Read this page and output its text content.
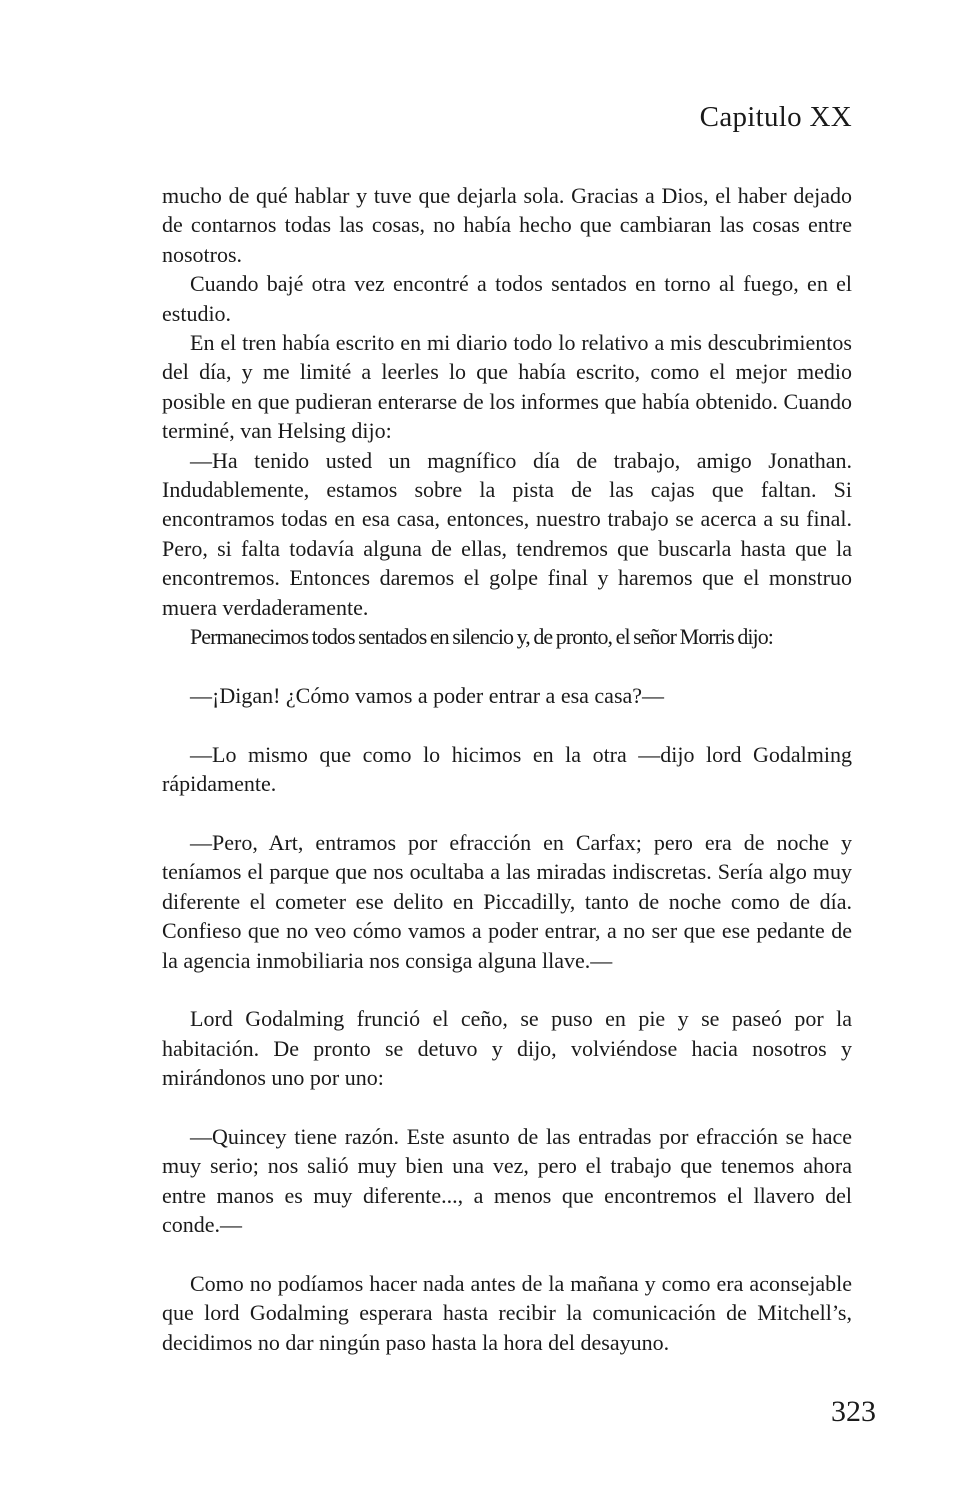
Capitulo XX

mucho de qué hablar y tuve que dejarla sola. Gracias a Dios, el haber dejado de contarnos todas las cosas, no había hecho que cambiaran las cosas entre nosotros.

Cuando bajé otra vez encontré a todos sentados en torno al fuego, en el estudio.

En el tren había escrito en mi diario todo lo relativo a mis descubrimientos del día, y me limité a leerles lo que había escrito, como el mejor medio posible en que pudieran enterarse de los informes que había obtenido. Cuando terminé, van Helsing dijo:

—Ha tenido usted un magnífico día de trabajo, amigo Jonathan. Indudablemente, estamos sobre la pista de las cajas que faltan. Si encontramos todas en esa casa, entonces, nuestro trabajo se acerca a su final. Pero, si falta todavía alguna de ellas, tendremos que buscarla hasta que la encontremos. Entonces daremos el golpe final y haremos que el monstruo muera verdaderamente.

Permanecimos todos sentados en silencio y, de pronto, el señor Morris dijo:

—¡Digan! ¿Cómo vamos a poder entrar a esa casa?—

—Lo mismo que como lo hicimos en la otra —dijo lord Godalming rápidamente.

—Pero, Art, entramos por efracción en Carfax; pero era de noche y teníamos el parque que nos ocultaba a las miradas indiscretas. Sería algo muy diferente el cometer ese delito en Piccadilly, tanto de noche como de día. Confieso que no veo cómo vamos a poder entrar, a no ser que ese pedante de la agencia inmobiliaria nos consiga alguna llave.—

Lord Godalming frunció el ceño, se puso en pie y se paseó por la habitación. De pronto se detuvo y dijo, volviéndose hacia nosotros y mirándonos uno por uno:

—Quincey tiene razón. Este asunto de las entradas por efracción se hace muy serio; nos salió muy bien una vez, pero el trabajo que tenemos ahora entre manos es muy diferente..., a menos que encontremos el llavero del conde.—

Como no podíamos hacer nada antes de la mañana y como era aconsejable que lord Godalming esperara hasta recibir la comunicación de Mitchell’s, decidimos no dar ningún paso hasta la hora del desayuno.

323
